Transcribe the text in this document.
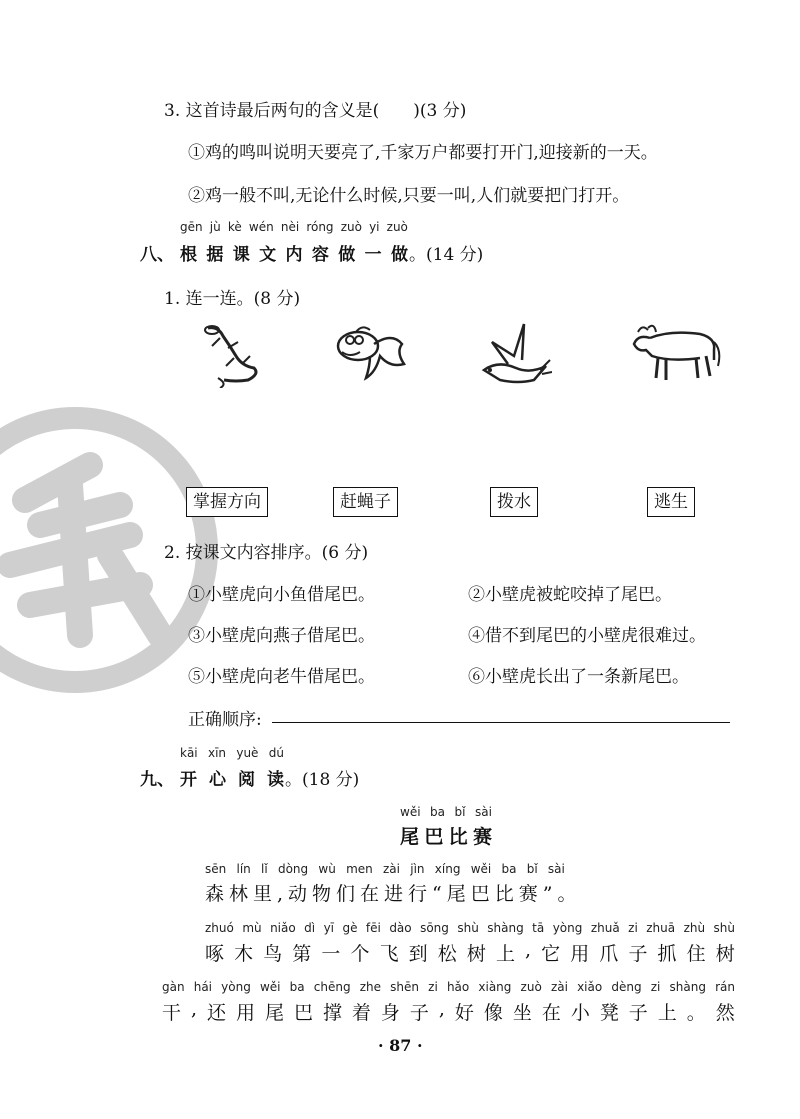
3. 这首诗最后两句的含义是(　　)(3 分)
①鸡的鸣叫说明天要亮了,千家万户都要打开门,迎接新的一天。
②鸡一般不叫,无论什么时候,只要一叫,人们就要把门打开。
gēn jù kè wén nèi róng zuò yi zuò
八、 根 据 课 文 内 容 做 一 做 。(14 分)
1. 连一连。(8 分)
掌握方向	赶蝇子	拨水	逃生
2. 按课文内容排序。(6 分)
①小壁虎向小鱼借尾巴。	②小壁虎被蛇咬掉了尾巴。
③小壁虎向燕子借尾巴。	④借不到尾巴的小壁虎很难过。
⑤小壁虎向老牛借尾巴。	⑥小壁虎长出了一条新尾巴。
正确顺序:
kāi xīn yuè dú
九、 开 心 阅 读 。(18 分)
wěi ba bǐ sài
尾 巴 比 赛
sēn lín lǐ dòng wù men zài jìn xíng wěi ba bǐ sài
森林里,动物们在进行“尾巴比赛”。
zhuó mù niǎo dì yī gè fēi dào sōng shù shàng tā yòng zhuǎ zi zhuā zhù shù
啄 木 鸟 第 一 个 飞 到 松 树 上 , 它 用 爪 子 抓 住 树
gàn hái yòng wěi ba chēng zhe shēn zi hǎo xiàng zuò zài xiǎo dèng zi shàng rán
干 , 还 用 尾 巴 撑 着 身 子 , 好 像 坐 在 小 凳 子 上 。 然
· 87 ·
